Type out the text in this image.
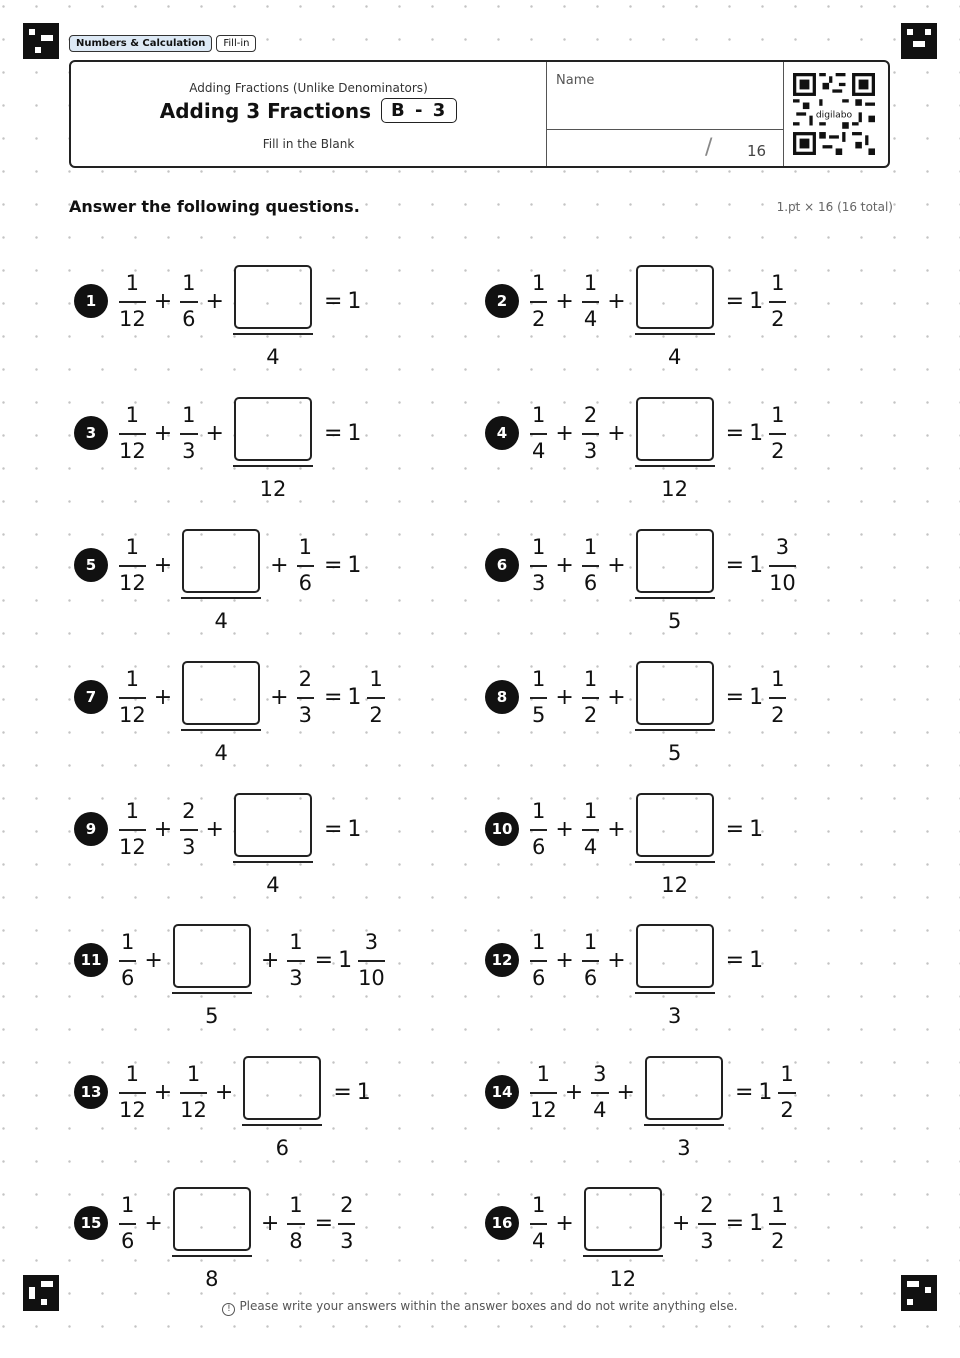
Numbers & Calculation	Fill-in
Adding Fractions (Unlike Denominators)
Adding 3 Fractions	B - 3
Fill in the Blank
Name
/ 16
digilabo
Answer the following questions.	1.pt × 16 (16 total)
1	$\frac{1}{12} + \frac{1}{6}$ +
4
= 1	2	$\frac{1}{2} + \frac{1}{4}$ +
4
= $1 \frac{1}{2}$
3	$\frac{1}{12} + \frac{1}{3}$ +
12
= 1	4	$\frac{1}{4} + \frac{2}{3}$ +
12
= $1 \frac{1}{2}$
5	$\frac{1}{12}$ +
4
+ $\frac{1}{6} = 1$	6	$\frac{1}{3} + \frac{1}{6}$ +
5
= $1 \frac{3}{10}$
7	$\frac{1}{12}$ +
4
+ $\frac{2}{3} = 1 \frac{1}{2}$	8	$\frac{1}{5} + \frac{1}{2}$ +
5
= $1 \frac{1}{2}$
9	$\frac{1}{12} + \frac{2}{3}$ +
4
= 1	$10 \frac{1}{6} + \frac{1}{4}$ +
12
= 1
$11 \frac{1}{6}$ +
5
+ $\frac{1}{3} = 1 \frac{3}{10}$	$12 \frac{1}{6} + \frac{1}{6}$ +
3
= 1
$13 \frac{1}{12} + \frac{1}{12}$ +
6
= 1	$14 \frac{1}{12} + \frac{3}{4}$ +
3
= $1 \frac{1}{2}$
$15 \frac{1}{6}$ +
8
+ $\frac{1}{8} = \frac{2}{3}$	$16 \frac{1}{4}$ +
12
+ $\frac{2}{3} = 1 \frac{1}{2}$
! Please write your answers within the answer boxes and do not write anything else.
